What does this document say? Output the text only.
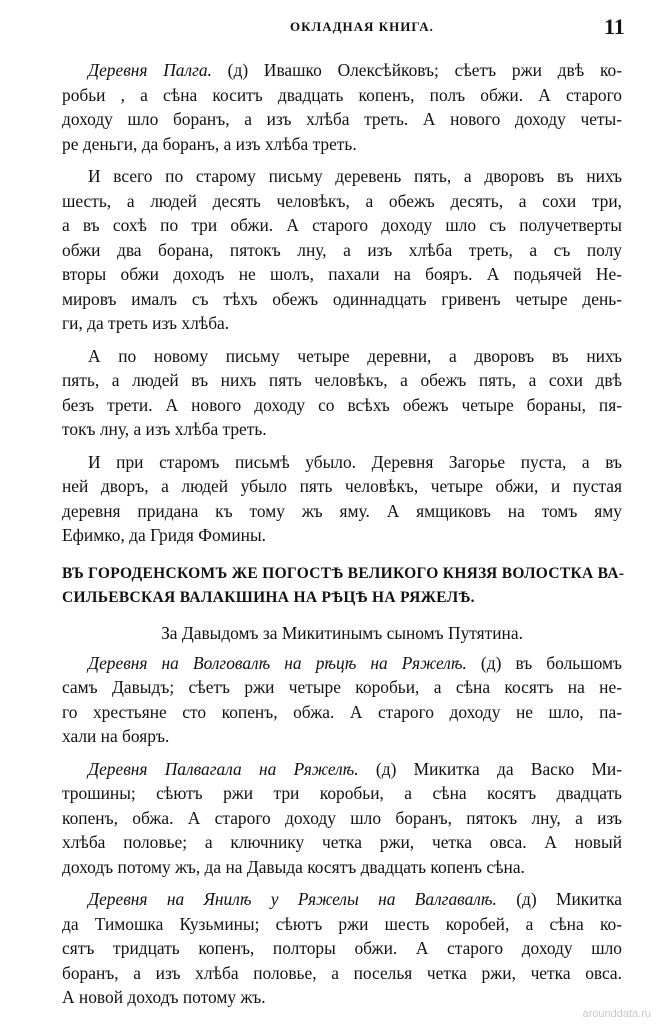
ОКЛАДНАЯ КНИГА.	11
Деревня Палга. (д) Ивашко Олексѣйковъ; сѣетъ ржи двѣ ко-
робьи , а сѣна коситъ двадцать копенъ, полъ обжи. А старого
доходу шло боранъ, а изъ хлѣба треть. А нового доходу четы-
ре деньги, да боранъ, а изъ хлѣба треть.
И всего по старому письму деревень пять, а дворовъ въ нихъ
шесть, а людей десять человѣкъ, а обежъ десять, а сохи три,
а въ сохѣ по три обжи. А старого доходу шло съ получетверты
обжи два борана, пятокъ лну, а изъ хлѣба треть, а съ полу
вторы обжи доходъ не шолъ, пахали на бояръ. А подьячей Не-
мировъ ималъ съ тѣхъ обежъ одиннадцать гривенъ четыре день-
ги, да треть изъ хлѣба.
А по новому письму четыре деревни, а дворовъ въ нихъ
пять, а людей въ нихъ пять человѣкъ, а обежъ пять, а сохи двѣ
безъ трети. А нового доходу со всѣхъ обежъ четыре бораны, пя-
токъ лну, а изъ хлѣба треть.
И при старомъ письмѣ убыло. Деревня Загорье пуста, а въ
ней дворъ, а людей убыло пять человѣкъ, четыре обжи, и пустая
деревня придана къ тому жъ яму. А ямщиковъ на томъ яму
Ефимко, да Гридя Фомины.
ВЪ ГОРОДЕНСКОМЪ ЖЕ ПОГОСТѢ ВЕЛИКОГО КНЯЗЯ ВОЛОСТКА ВА-
СИЛЬЕВСКАЯ ВАЛАКШИНА НА РѢЦѢ НА РЯЖЕЛѢ.
За Давыдомъ за Микитинымъ сыномъ Путятина.
Деревня на Волговалѣ на рѣцѣ на Ряжелѣ. (д) въ большомъ
самъ Давыдъ; сѣетъ ржи четыре коробьи, а сѣна косятъ на не-
го хрестьяне сто копенъ, обжа. А старого доходу не шло, па-
хали на бояръ.
Деревня Палвагала на Ряжелѣ. (д) Микитка да Васко Ми-
трошины; сѣютъ ржи три коробьи, а сѣна косятъ двадцать
копенъ, обжа. А старого доходу шло боранъ, пятокъ лну, а изъ
хлѣба половье; а ключнику четка ржи, четка овса. А новый
доходъ потому жъ, да на Давыда косятъ двадцать копенъ сѣна.
Деревня на Янилѣ у Ряжелы на Валгавалѣ. (д) Микитка
да Тимошка Кузьмины; сѣютъ ржи шесть коробей, а сѣна ко-
сятъ тридцать копенъ, полторы обжи. А старого доходу шло
боранъ, а изъ хлѣба половье, а поселья четка ржи, четка овса.
А новой доходъ потому жъ.
arounddata.ru
